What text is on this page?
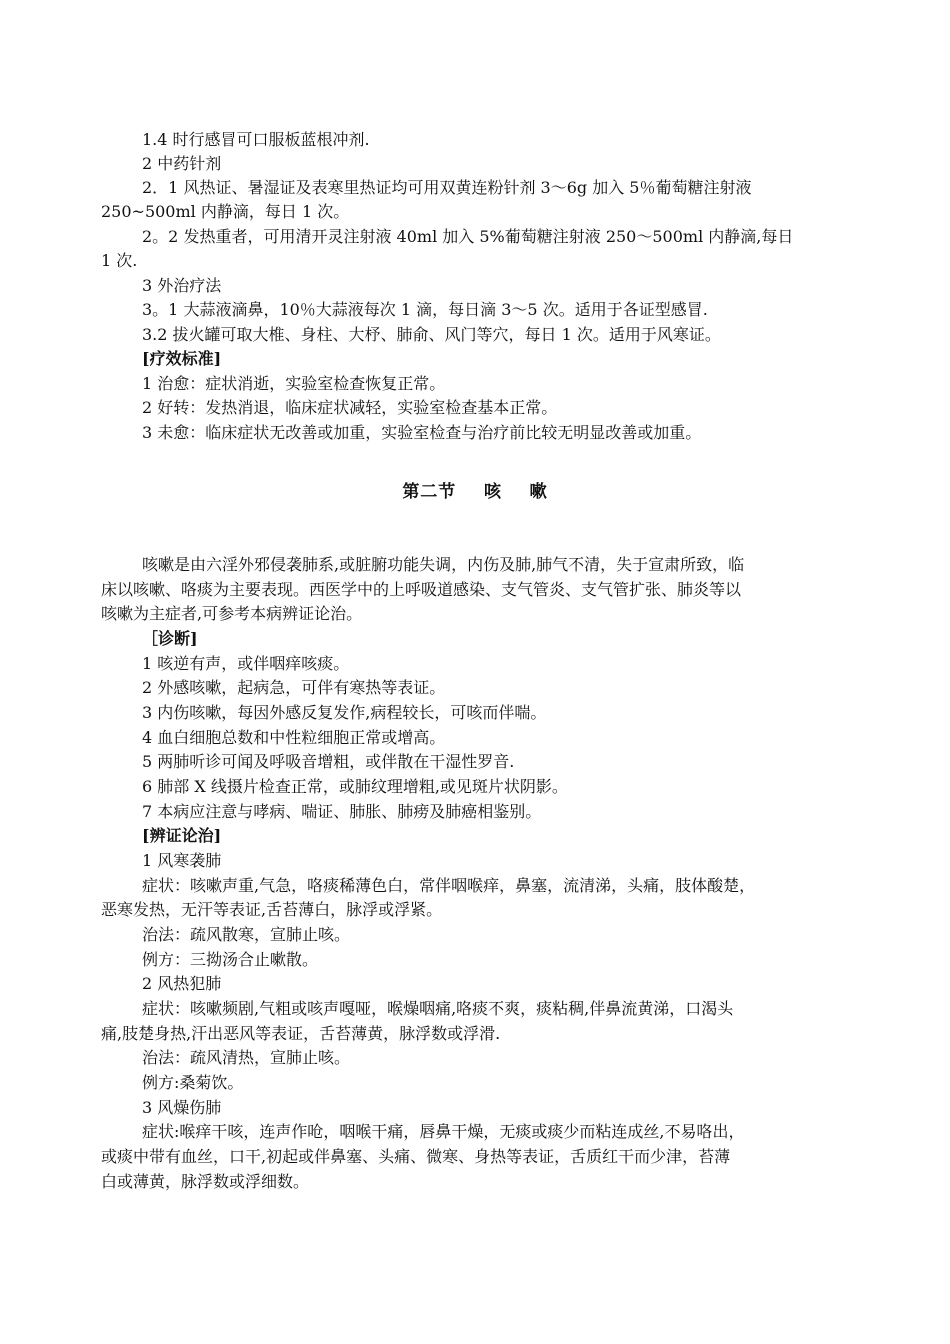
1.4 时行感冒可口服板蓝根冲剂.
2 中药针剂
2．1 风热证、暑湿证及表寒里热证均可用双黄连粉针剂 3～6g 加入 5％葡萄糖注射液
250~500ml 内静滴，每日 1 次。
2。2 发热重者，可用清开灵注射液 40ml 加入 5%葡萄糖注射液 250～500ml 内静滴,每日
1 次.
3 外治疗法
3。1 大蒜液滴鼻，10％大蒜液每次 1 滴，每日滴 3～5 次。适用于各证型感冒.
3.2 拔火罐可取大椎、身柱、大杼、肺俞、风门等穴，每日 1 次。适用于风寒证。
[疗效标准]
1 治愈：症状消逝，实验室检查恢复正常。
2 好转：发热消退，临床症状减轻，实验室检查基本正常。
3 未愈：临床症状无改善或加重，实验室检查与治疗前比较无明显改善或加重。
第二节    咳    嗽
咳嗽是由六淫外邪侵袭肺系,或脏腑功能失调，内伤及肺,肺气不清，失于宣肃所致，临
床以咳嗽、咯痰为主要表现。西医学中的上呼吸道感染、支气管炎、支气管扩张、肺炎等以
咳嗽为主症者,可参考本病辨证论治。
［诊断]
1 咳逆有声，或伴咽痒咳痰。
2 外感咳嗽，起病急，可伴有寒热等表证。
3 内伤咳嗽，每因外感反复发作,病程较长，可咳而伴喘。
4 血白细胞总数和中性粒细胞正常或增高。
5 两肺听诊可闻及呼吸音增粗，或伴散在干湿性罗音.
6 肺部 X 线摄片检查正常，或肺纹理增粗,或见斑片状阴影。
7 本病应注意与哮病、喘证、肺胀、肺痨及肺癌相鉴别。
[辨证论治]
1 风寒袭肺
症状：咳嗽声重,气急，咯痰稀薄色白，常伴咽喉痒，鼻塞，流清涕，头痛，肢体酸楚，
恶寒发热，无汗等表证,舌苔薄白，脉浮或浮紧。
治法：疏风散寒，宣肺止咳。
例方：三拗汤合止嗽散。
2 风热犯肺
症状：咳嗽频剧,气粗或咳声嘎哑，喉燥咽痛,咯痰不爽，痰粘稠,伴鼻流黄涕，口渴头
痛,肢楚身热,汗出恶风等表证，舌苔薄黄，脉浮数或浮滑.
治法：疏风清热，宣肺止咳。
例方:桑菊饮。
3 风燥伤肺
症状:喉痒干咳，连声作呛，咽喉干痛，唇鼻干燥，无痰或痰少而粘连成丝,不易咯出，
或痰中带有血丝，口干,初起或伴鼻塞、头痛、微寒、身热等表证，舌质红干而少津，苔薄
白或薄黄，脉浮数或浮细数。
